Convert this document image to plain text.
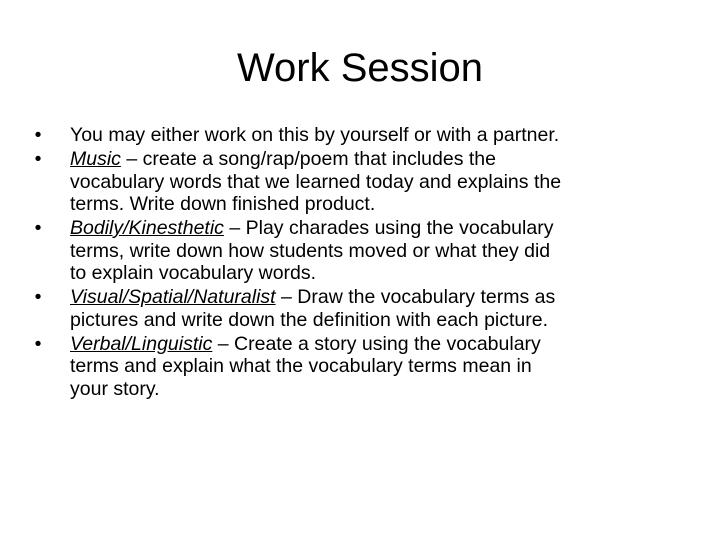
Work Session
• You may either work on this by yourself or with a partner.
• Music – create a song/rap/poem that includes the
vocabulary words that we learned today and explains the
terms. Write down finished product.
• Bodily/Kinesthetic – Play charades using the vocabulary
terms, write down how students moved or what they did
to explain vocabulary words.
• Visual/Spatial/Naturalist – Draw the vocabulary terms as
pictures and write down the definition with each picture.
• Verbal/Linguistic – Create a story using the vocabulary
terms and explain what the vocabulary terms mean in
your story.
